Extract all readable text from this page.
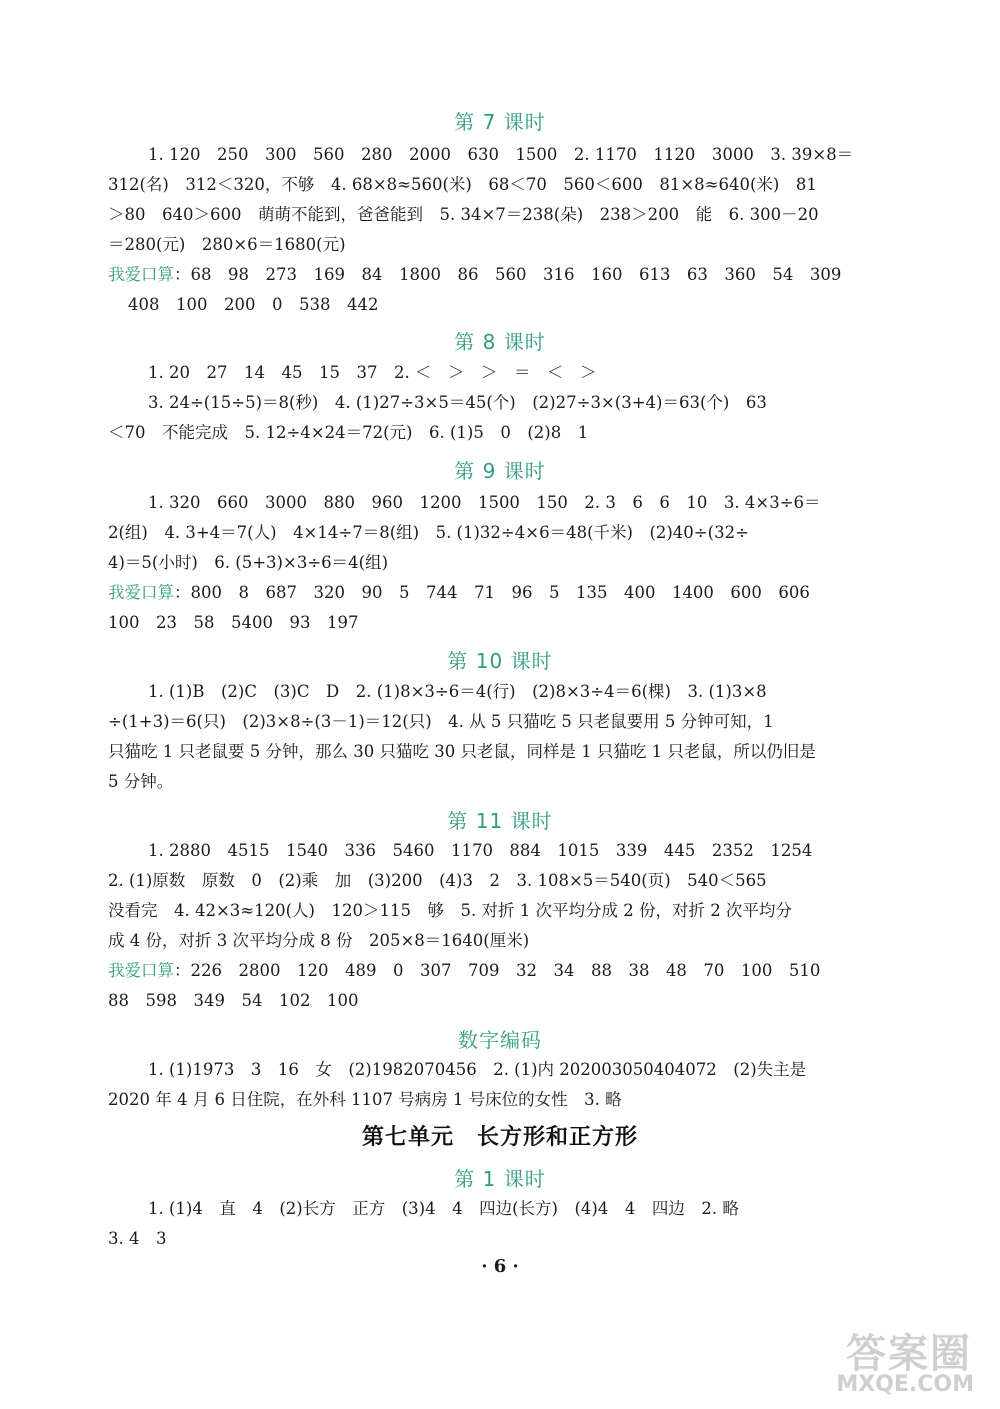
第 7 课时
1. 120　250　300　560　280　2000　630　1500　2. 1170　1120　3000　3. 39×8＝
312(名)　312＜320，不够　4. 68×8≈560(米)　68＜70　560＜600　81×8≈640(米)　81
＞80　640＞600　萌萌不能到，爸爸能到　5. 34×7＝238(朵)　238＞200　能　6. 300－20
＝280(元)　280×6＝1680(元)
我爱口算：68　98　273　169　84　1800　86　560　316　160　613　63　360　54　309
408　100　200　0　538　442
第 8 课时
1. 20　27　14　45　15　37　2. ＜　＞　＞　＝　＜　＞
3. 24÷(15÷5)＝8(秒)　4. (1)27÷3×5＝45(个)　(2)27÷3×(3+4)＝63(个)　63
＜70　不能完成　5. 12÷4×24＝72(元)　6. (1)5　0　(2)8　1
第 9 课时
1. 320　660　3000　880　960　1200　1500　150　2. 3　6　6　10　3. 4×3÷6＝
2(组)　4. 3+4＝7(人)　4×14÷7＝8(组)　5. (1)32÷4×6＝48(千米)　(2)40÷(32÷
4)＝5(小时)　6. (5+3)×3÷6＝4(组)
我爱口算：800　8　687　320　90　5　744　71　96　5　135　400　1400　600　606
100　23　58　5400　93　197
第 10 课时
1. (1)B　(2)C　(3)C　D　2. (1)8×3÷6＝4(行)　(2)8×3÷4＝6(棵)　3. (1)3×8
÷(1+3)＝6(只)　(2)3×8÷(3－1)＝12(只)　4. 从 5 只猫吃 5 只老鼠要用 5 分钟可知，1
只猫吃 1 只老鼠要 5 分钟，那么 30 只猫吃 30 只老鼠，同样是 1 只猫吃 1 只老鼠，所以仍旧是
5 分钟。
第 11 课时
1. 2880　4515　1540　336　5460　1170　884　1015　339　445　2352　1254
2. (1)原数　原数　0　(2)乘　加　(3)200　(4)3　2　3. 108×5＝540(页)　540＜565
没看完　4. 42×3≈120(人)　120＞115　够　5. 对折 1 次平均分成 2 份，对折 2 次平均分
成 4 份，对折 3 次平均分成 8 份　205×8＝1640(厘米)
我爱口算：226　2800　120　489　0　307　709　32　34　88　38　48　70　100　510
88　598　349　54　102　100
数字编码
1. (1)1973　3　16　女　(2)1982070456　2. (1)内 202003050404072　(2)失主是
2020 年 4 月 6 日住院，在外科 1107 号病房 1 号床位的女性　3. 略
第七单元　长方形和正方形
第 1 课时
1. (1)4　直　4　(2)长方　正方　(3)4　4　四边(长方)　(4)4　4　四边　2. 略
3. 4　3
· 6 ·
答案圈
MXQE.COM
